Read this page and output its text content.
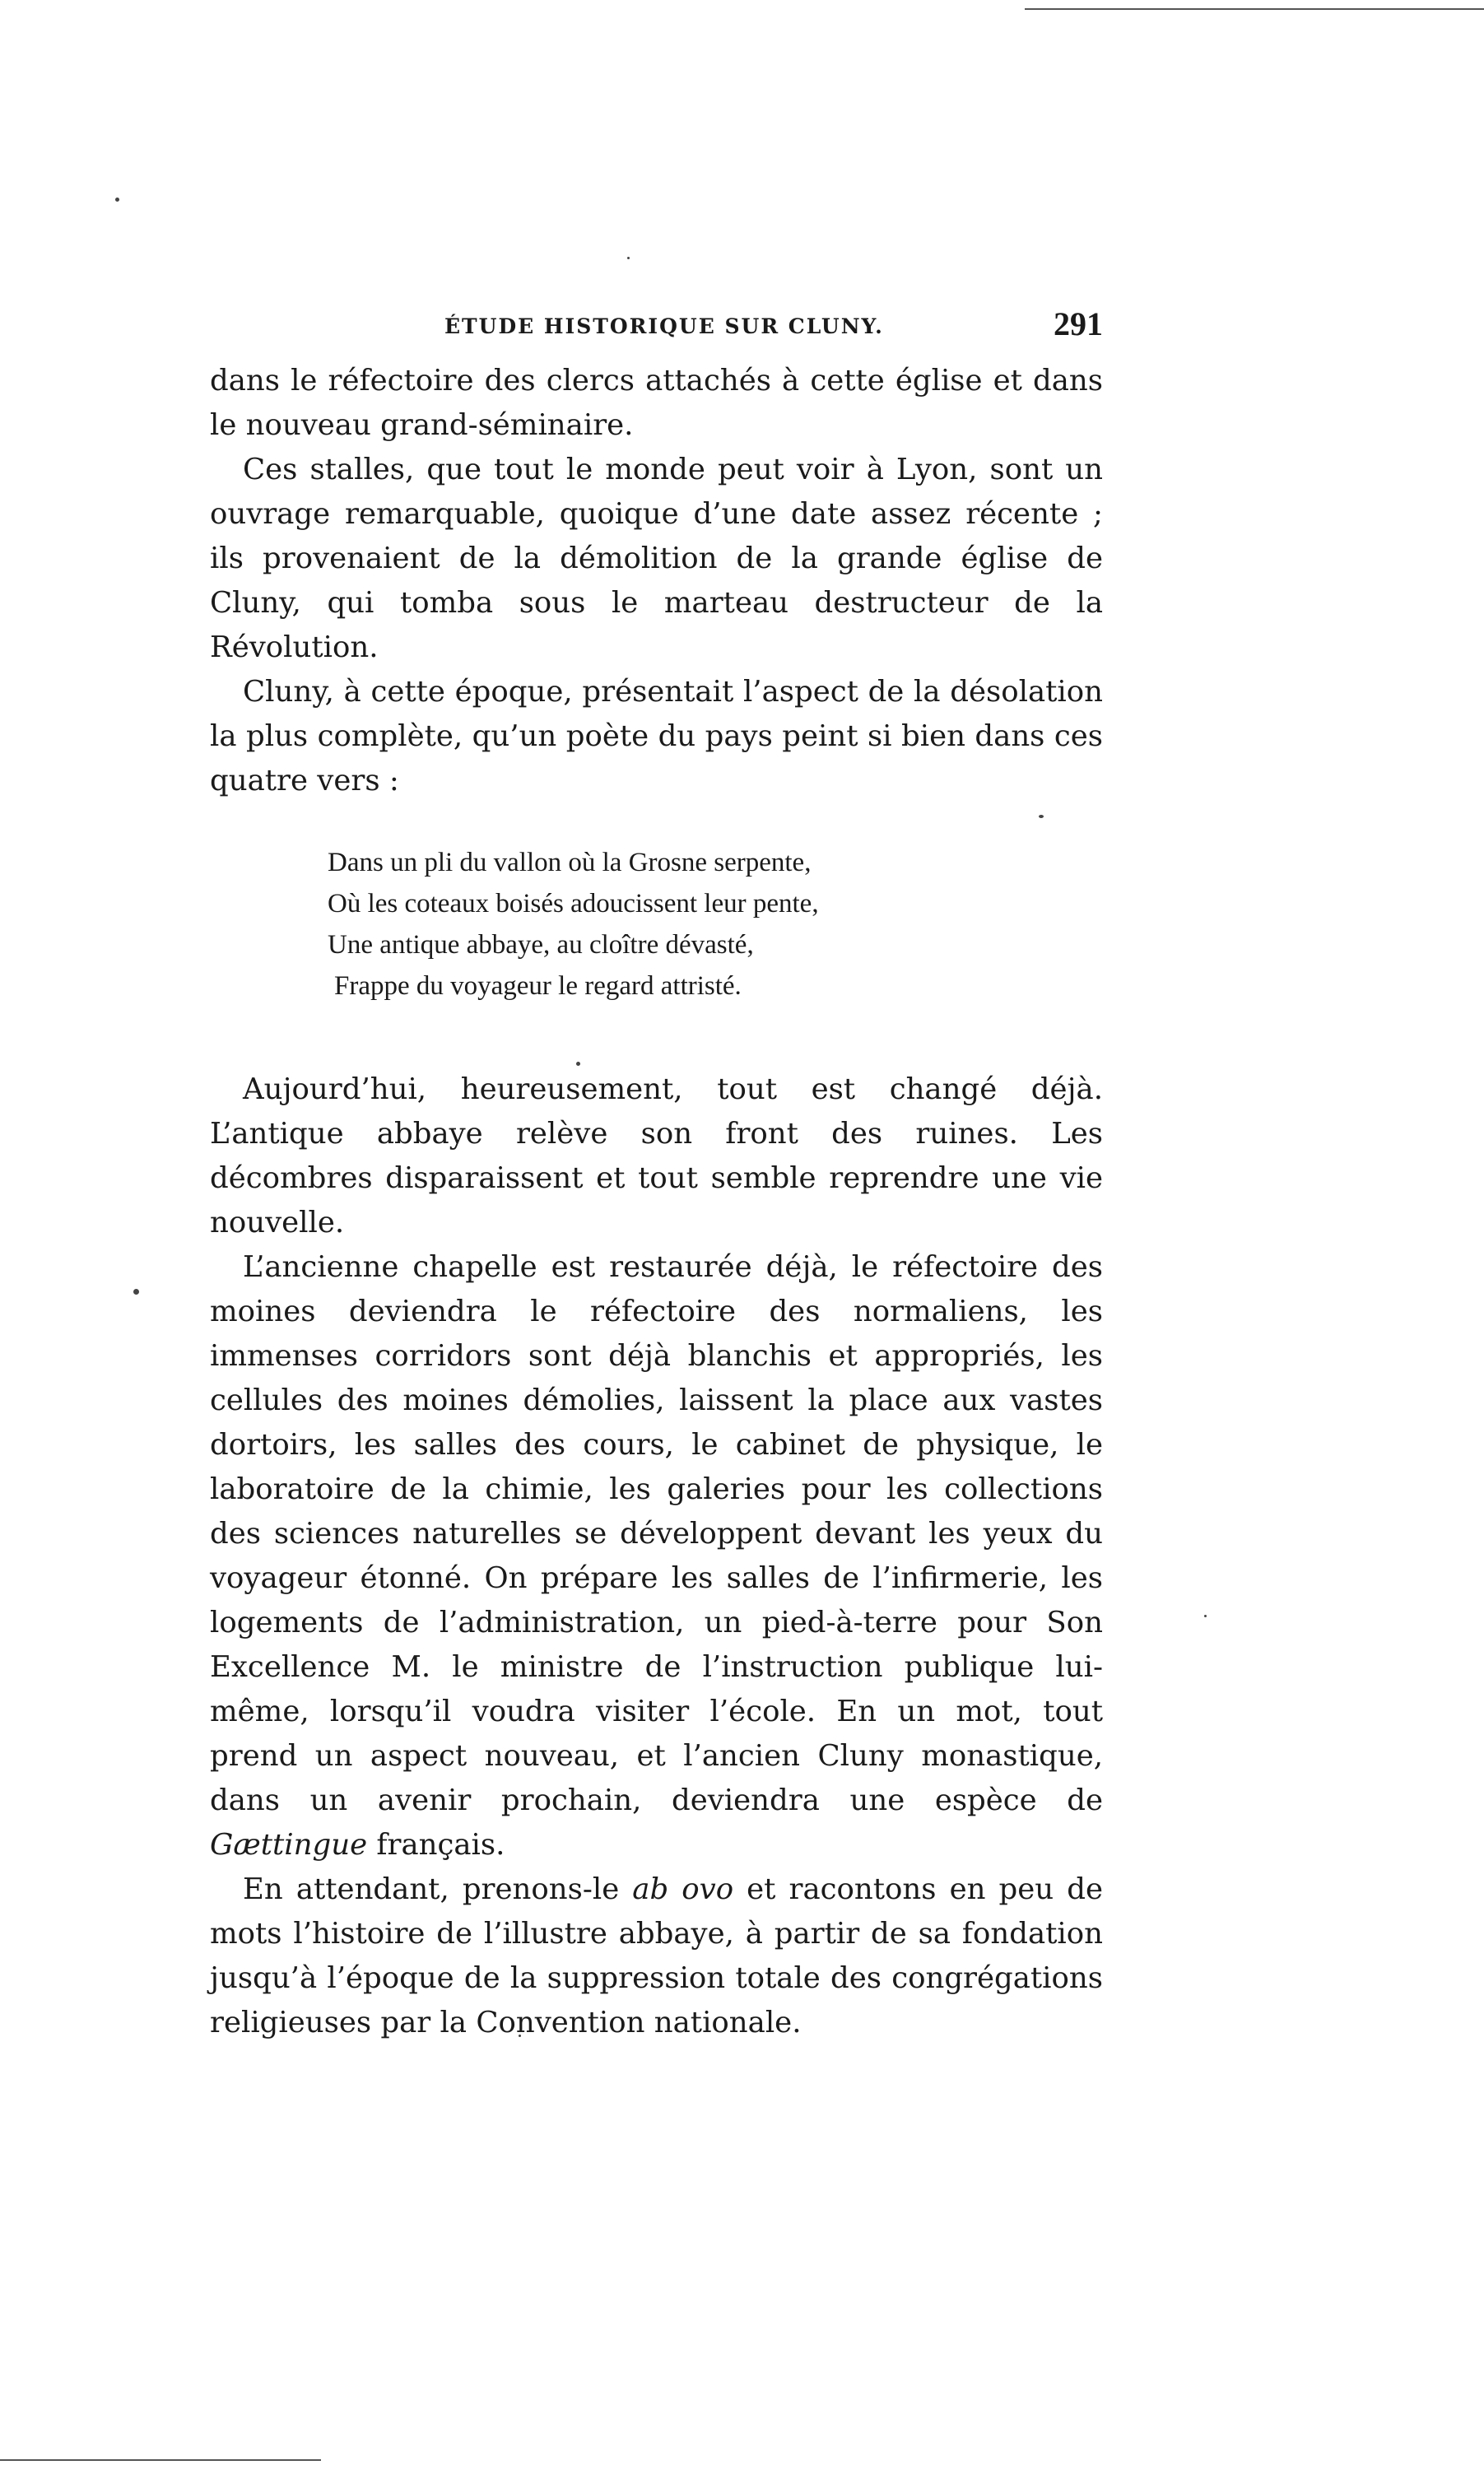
ÉTUDE HISTORIQUE SUR CLUNY.	291

dans le réfectoire des clercs attachés à cette église et dans le nouveau grand-séminaire.

Ces stalles, que tout le monde peut voir à Lyon, sont un ouvrage remarquable, quoique d’une date assez récente ; ils provenaient de la démolition de la grande église de Cluny, qui tomba sous le marteau destructeur de la Révolution.

Cluny, à cette époque, présentait l’aspect de la désolation la plus complète, qu’un poète du pays peint si bien dans ces quatre vers :

Dans un pli du vallon où la Grosne serpente,
Où les coteaux boisés adoucissent leur pente,
Une antique abbaye, au cloître dévasté,
Frappe du voyageur le regard attristé.

Aujourd’hui, heureusement, tout est changé déjà. L’antique abbaye relève son front des ruines. Les décombres disparaissent et tout semble reprendre une vie nouvelle.

L’ancienne chapelle est restaurée déjà, le réfectoire des moines deviendra le réfectoire des normaliens, les immenses corridors sont déjà blanchis et appropriés, les cellules des moines démolies, laissent la place aux vastes dortoirs, les salles des cours, le cabinet de physique, le laboratoire de la chimie, les galeries pour les collections des sciences naturelles se développent devant les yeux du voyageur étonné. On prépare les salles de l’infirmerie, les logements de l’administration, un pied-à-terre pour Son Excellence M. le ministre de l’instruction publique lui-même, lorsqu’il voudra visiter l’école. En un mot, tout prend un aspect nouveau, et l’ancien Cluny monastique, dans un avenir prochain, deviendra une espèce de Gættingue français.

En attendant, prenons-le ab ovo et racontons en peu de mots l’histoire de l’illustre abbaye, à partir de sa fondation jusqu’à l’époque de la suppression totale des congrégations religieuses par la Convention nationale.
